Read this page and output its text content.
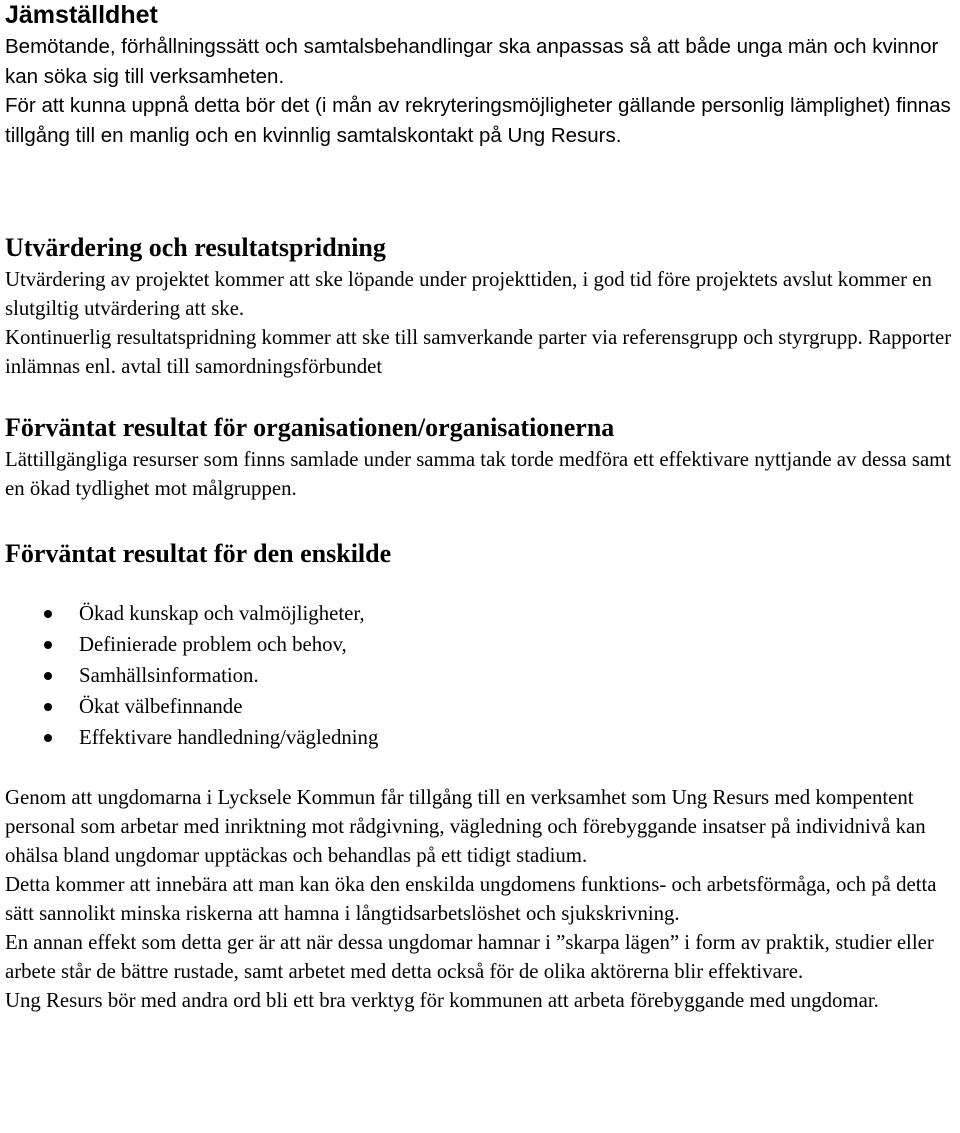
Jämställdhet

Bemötande, förhållningssätt och samtalsbehandlingar ska anpassas så att både unga män och kvinnor kan söka sig till verksamheten.

För att kunna uppnå detta bör det (i mån av rekryteringsmöjligheter gällande personlig lämplighet) finnas tillgång till en manlig och en kvinnlig samtalskontakt på Ung Resurs.

Utvärdering och resultatspridning

Utvärdering av projektet kommer att ske löpande under projekttiden, i god tid före projektets avslut kommer en slutgiltig utvärdering att ske.

Kontinuerlig resultatspridning kommer att ske till samverkande parter via referensgrupp och styrgrupp. Rapporter inlämnas enl. avtal till samordningsförbundet

Förväntat resultat för organisationen/organisationerna

Lättillgängliga resurser som finns samlade under samma tak torde medföra ett effektivare nyttjande av dessa samt en ökad tydlighet mot målgruppen.

Förväntat resultat för den enskilde
Ökad kunskap och valmöjligheter,
Definierade problem och behov,
Samhällsinformation.
Ökat välbefinnande
Effektivare handledning/vägledning

Genom att ungdomarna i Lycksele Kommun får tillgång till en verksamhet som Ung Resurs med kompentent personal som arbetar med inriktning mot rådgivning, vägledning och förebyggande insatser på individnivå kan ohälsa bland ungdomar upptäckas och behandlas på ett tidigt stadium.

Detta kommer att innebära att man kan öka den enskilda ungdomens funktions- och arbetsförmåga, och på detta sätt sannolikt minska riskerna att hamna i långtidsarbetslöshet och sjukskrivning.

En annan effekt som detta ger är att när dessa ungdomar hamnar i ”skarpa lägen” i form av praktik, studier eller arbete står de bättre rustade, samt arbetet med detta också för de olika aktörerna blir effektivare.

Ung Resurs bör med andra ord bli ett bra verktyg för kommunen att arbeta förebyggande med ungdomar.
